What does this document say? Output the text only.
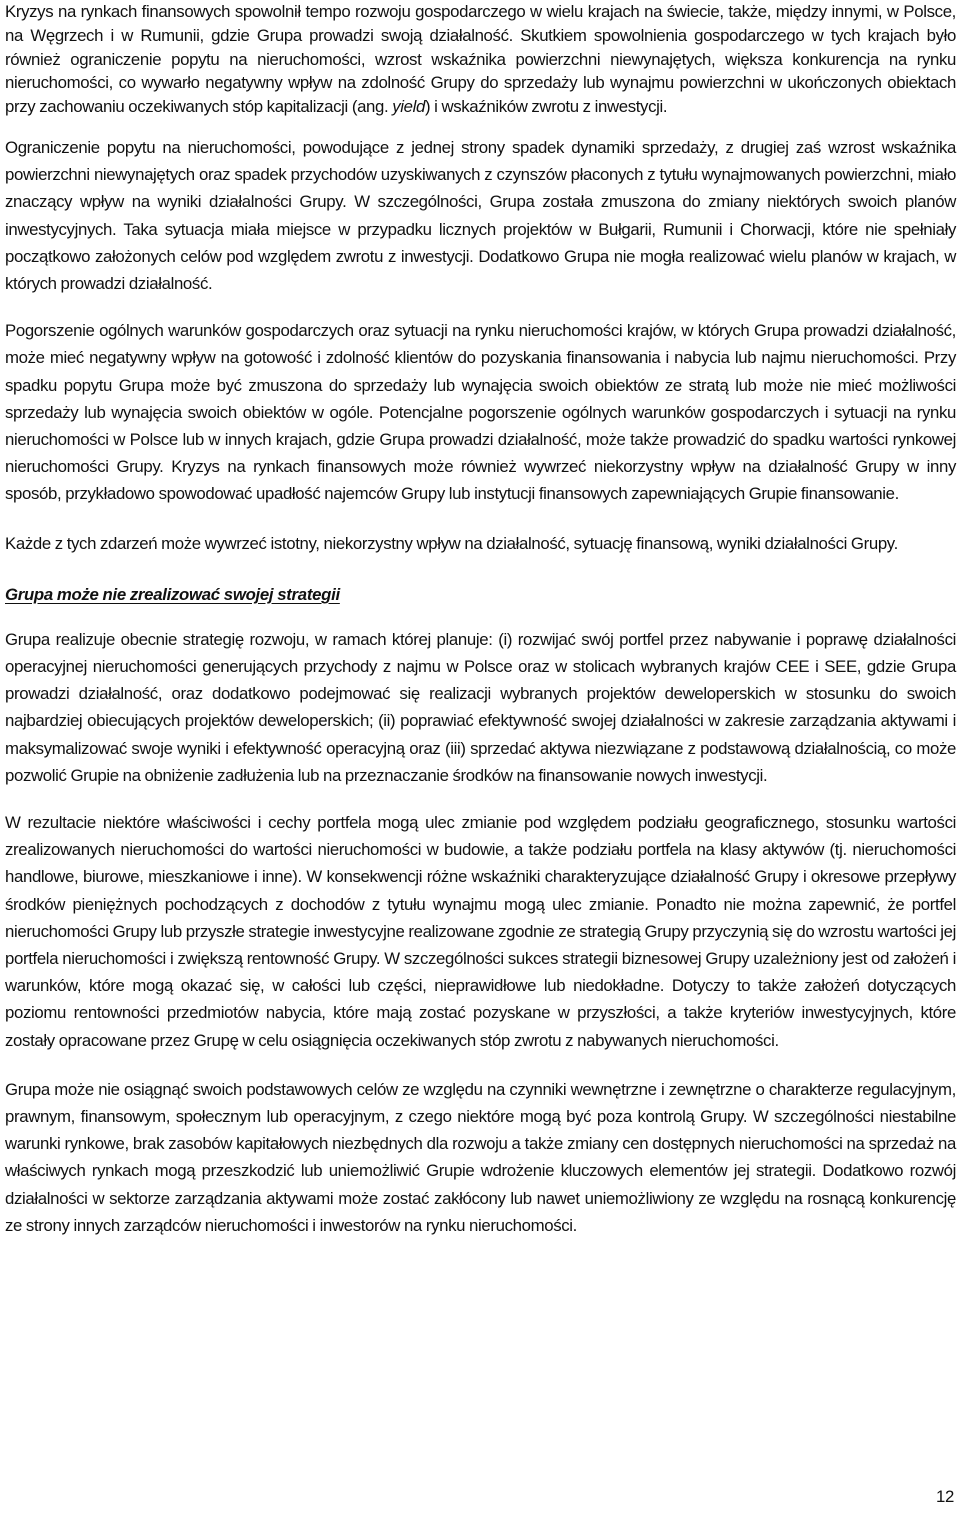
Kryzys na rynkach finansowych spowolnił tempo rozwoju gospodarczego w wielu krajach na świecie, także, między innymi, w Polsce, na Węgrzech i w Rumunii, gdzie Grupa prowadzi swoją działalność. Skutkiem spowolnienia gospodarczego w tych krajach było również ograniczenie popytu na nieruchomości, wzrost wskaźnika powierzchni niewynajętych, większa konkurencja na rynku nieruchomości, co wywarło negatywny wpływ na zdolność Grupy do sprzedaży lub wynajmu powierzchni w ukończonych obiektach przy zachowaniu oczekiwanych stóp kapitalizacji (ang. yield) i wskaźników zwrotu z inwestycji.

Ograniczenie popytu na nieruchomości, powodujące z jednej strony spadek dynamiki sprzedaży, z drugiej zaś wzrost wskaźnika powierzchni niewynajętych oraz spadek przychodów uzyskiwanych z czynszów płaconych z tytułu wynajmowanych powierzchni, miało znaczący wpływ na wyniki działalności Grupy. W szczególności, Grupa została zmuszona do zmiany niektórych swoich planów inwestycyjnych. Taka sytuacja miała miejsce w przypadku licznych projektów w Bułgarii, Rumunii i Chorwacji, które nie spełniały początkowo założonych celów pod względem zwrotu z inwestycji. Dodatkowo Grupa nie mogła realizować wielu planów w krajach, w których prowadzi działalność.

Pogorszenie ogólnych warunków gospodarczych oraz sytuacji na rynku nieruchomości krajów, w których Grupa prowadzi działalność, może mieć negatywny wpływ na gotowość i zdolność klientów do pozyskania finansowania i nabycia lub najmu nieruchomości. Przy spadku popytu Grupa może być zmuszona do sprzedaży lub wynajęcia swoich obiektów ze stratą lub może nie mieć możliwości sprzedaży lub wynajęcia swoich obiektów w ogóle. Potencjalne pogorszenie ogólnych warunków gospodarczych i sytuacji na rynku nieruchomości w Polsce lub w innych krajach, gdzie Grupa prowadzi działalność, może także prowadzić do spadku wartości rynkowej nieruchomości Grupy. Kryzys na rynkach finansowych może również wywrzeć niekorzystny wpływ na działalność Grupy w inny sposób, przykładowo spowodować upadłość najemców Grupy lub instytucji finansowych zapewniających Grupie finansowanie.

Każde z tych zdarzeń może wywrzeć istotny, niekorzystny wpływ na działalność, sytuację finansową, wyniki działalności Grupy.

Grupa może nie zrealizować swojej strategii

Grupa realizuje obecnie strategię rozwoju, w ramach której planuje: (i) rozwijać swój portfel przez nabywanie i poprawę działalności operacyjnej nieruchomości generujących przychody z najmu w Polsce oraz w stolicach wybranych krajów CEE i SEE, gdzie Grupa prowadzi działalność, oraz dodatkowo podejmować się realizacji wybranych projektów deweloperskich w stosunku do swoich najbardziej obiecujących projektów deweloperskich; (ii) poprawiać efektywność swojej działalności w zakresie zarządzania aktywami i maksymalizować swoje wyniki i efektywność operacyjną oraz (iii) sprzedać aktywa niezwiązane z podstawową działalnością, co może pozwolić Grupie na obniżenie zadłużenia lub na przeznaczanie środków na finansowanie nowych inwestycji.

W rezultacie niektóre właściwości i cechy portfela mogą ulec zmianie pod względem podziału geograficznego, stosunku wartości zrealizowanych nieruchomości do wartości nieruchomości w budowie, a także podziału portfela na klasy aktywów (tj. nieruchomości handlowe, biurowe, mieszkaniowe i inne). W konsekwencji różne wskaźniki charakteryzujące działalność Grupy i okresowe przepływy środków pieniężnych pochodzących z dochodów z tytułu wynajmu mogą ulec zmianie. Ponadto nie można zapewnić, że portfel nieruchomości Grupy lub przyszłe strategie inwestycyjne realizowane zgodnie ze strategią Grupy przyczynią się do wzrostu wartości jej portfela nieruchomości i zwiększą rentowność Grupy. W szczególności sukces strategii biznesowej Grupy uzależniony jest od założeń i warunków, które mogą okazać się, w całości lub części, nieprawidłowe lub niedokładne. Dotyczy to także założeń dotyczących poziomu rentowności przedmiotów nabycia, które mają zostać pozyskane w przyszłości, a także kryteriów inwestycyjnych, które zostały opracowane przez Grupę w celu osiągnięcia oczekiwanych stóp zwrotu z nabywanych nieruchomości.

Grupa może nie osiągnąć swoich podstawowych celów ze względu na czynniki wewnętrzne i zewnętrzne o charakterze regulacyjnym, prawnym, finansowym, społecznym lub operacyjnym, z czego niektóre mogą być poza kontrolą Grupy. W szczególności niestabilne warunki rynkowe, brak zasobów kapitałowych niezbędnych dla rozwoju a także zmiany cen dostępnych nieruchomości na sprzedaż na właściwych rynkach mogą przeszkodzić lub uniemożliwić Grupie wdrożenie kluczowych elementów jej strategii. Dodatkowo rozwój działalności w sektorze zarządzania aktywami może zostać zakłócony lub nawet uniemożliwiony ze względu na rosnącą konkurencję ze strony innych zarządców nieruchomości i inwestorów na rynku nieruchomości.

12
